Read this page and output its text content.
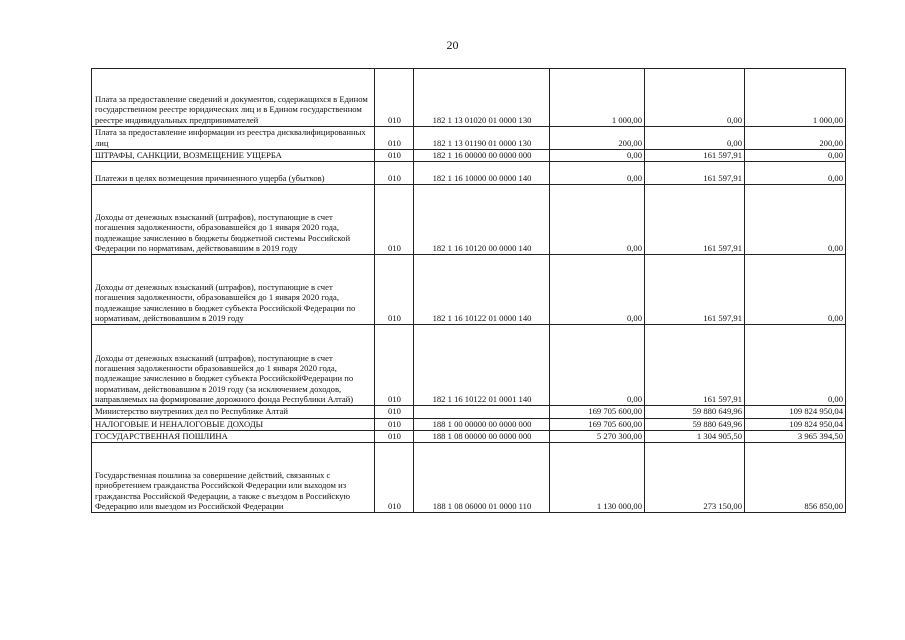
20
Плата за предоставление сведений и документов, содержащихся в Едином государственном реестре юридических лиц и в Едином государственном реестре индивидуальных предпринимателей	010	182 1 13 01020 01 0000 130	1 000,00	0,00	1 000,00
Плата за предоставление информации из реестра дисквалифицированных лиц	010	182 1 13 01190 01 0000 130	200,00	0,00	200,00
ШТРАФЫ, САНКЦИИ, ВОЗМЕЩЕНИЕ УЩЕРБА	010	182 1 16 00000 00 0000 000	0,00	161 597,91	0,00
Платежи в целях возмещения причиненного ущерба (убытков)	010	182 1 16 10000 00 0000 140	0,00	161 597,91	0,00
Доходы от денежных взысканий (штрафов), поступающие в счет погашения задолженности, образовавшейся до 1 января 2020 года, подлежащие зачислению в бюджеты бюджетной системы Российской Федерации по нормативам, действовавшим в 2019 году	010	182 1 16 10120 00 0000 140	0,00	161 597,91	0,00
Доходы от денежных взысканий (штрафов), поступающие в счет погашения задолженности, образовавшейся до 1 января 2020 года, подлежащие зачислению в бюджет субъекта Российской Федерации по нормативам, действовавшим в 2019 году	010	182 1 16 10122 01 0000 140	0,00	161 597,91	0,00
Доходы от денежных взысканий (штрафов), поступающие в счет погашения задолженности образовавшейся до 1 января 2020 года, подлежащие зачислению в бюджет субъекта РоссийскойФедерации по нормативам, действовавшим в 2019 году (за исключением доходов, направляемых на формирование дорожного фонда Республики Алтай)	010	182 1 16 10122 01 0001 140	0,00	161 597,91	0,00
Министерство внутренних дел по Республике Алтай	010		169 705 600,00	59 880 649,96	109 824 950,04
НАЛОГОВЫЕ И НЕНАЛОГОВЫЕ ДОХОДЫ	010	188 1 00 00000 00 0000 000	169 705 600,00	59 880 649,96	109 824 950,04
ГОСУДАРСТВЕННАЯ ПОШЛИНА	010	188 1 08 00000 00 0000 000	5 270 300,00	1 304 905,50	3 965 394,50
Государственная пошлина за совершение действий, связанных с приобретением гражданства Российской Федерации или выходом из гражданства Российской Федерации, а также с въездом в Российскую Федерацию или выездом из Российской Федерации	010	188 1 08 06000 01 0000 110	1 130 000,00	273 150,00	856 850,00
